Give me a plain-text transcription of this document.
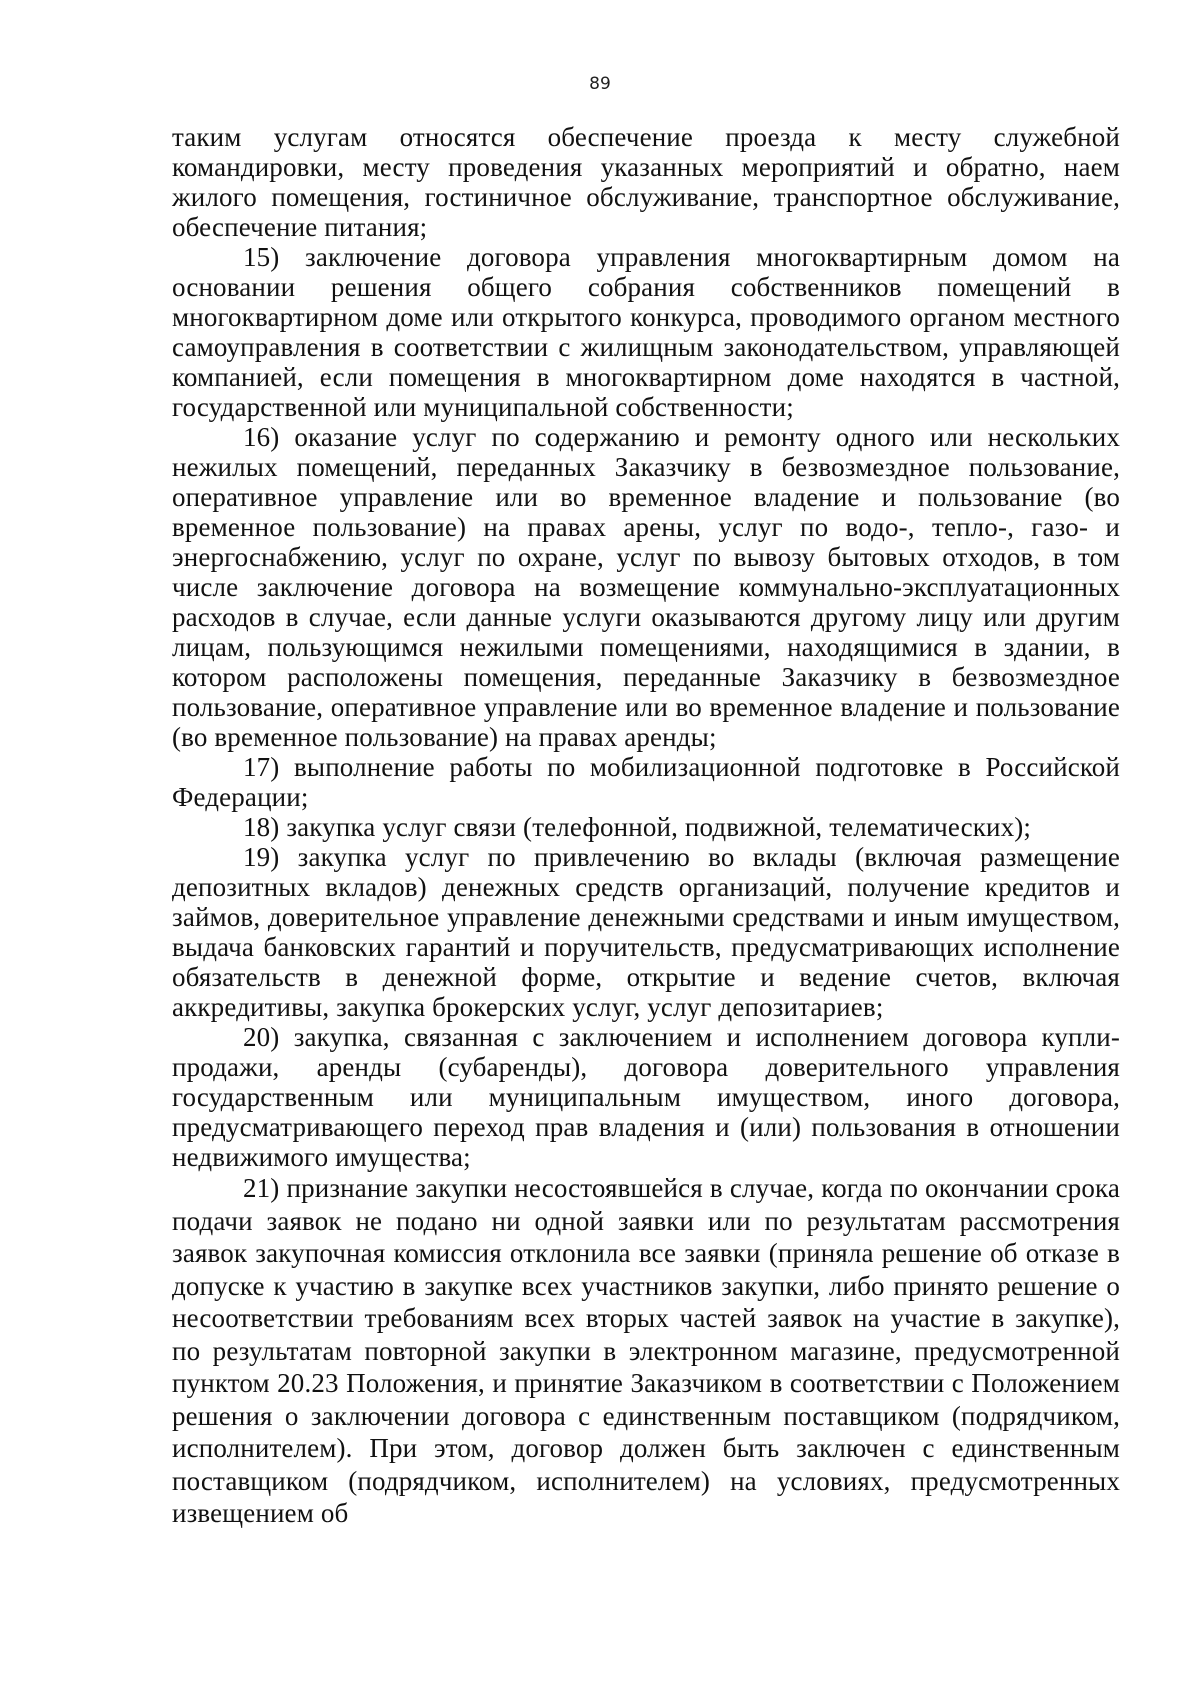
89

таким услугам относятся обеспечение проезда к месту служебной командировки, месту проведения указанных мероприятий и обратно, наем жилого помещения, гостиничное обслуживание, транспортное обслуживание, обеспечение питания;

15) заключение договора управления многоквартирным домом на основании решения общего собрания собственников помещений в многоквартирном доме или открытого конкурса, проводимого органом местного самоуправления в соответствии с жилищным законодательством, управляющей компанией, если помещения в многоквартирном доме находятся в частной, государственной или муниципальной собственности;

16) оказание услуг по содержанию и ремонту одного или нескольких нежилых помещений, переданных Заказчику в безвозмездное пользование, оперативное управление или во временное владение и пользование (во временное пользование) на правах арены, услуг по водо-, тепло-, газо- и энергоснабжению, услуг по охране, услуг по вывозу бытовых отходов, в том числе заключение договора на возмещение коммунально-эксплуатационных расходов в случае, если данные услуги оказываются другому лицу или другим лицам, пользующимся нежилыми помещениями, находящимися в здании, в котором расположены помещения, переданные Заказчику в безвозмездное пользование, оперативное управление или во временное владение и пользование (во временное пользование) на правах аренды;

17) выполнение работы по мобилизационной подготовке в Российской Федерации;

18) закупка услуг связи (телефонной, подвижной, телематических);

19) закупка услуг по привлечению во вклады (включая размещение депозитных вкладов) денежных средств организаций, получение кредитов и займов, доверительное управление денежными средствами и иным имуществом, выдача банковских гарантий и поручительств, предусматривающих исполнение обязательств в денежной форме, открытие и ведение счетов, включая аккредитивы, закупка брокерских услуг, услуг депозитариев;

20) закупка, связанная с заключением и исполнением договора купли-продажи, аренды (субаренды), договора доверительного управления государственным или муниципальным имуществом, иного договора, предусматривающего переход прав владения и (или) пользования в отношении недвижимого имущества;

21) признание закупки несостоявшейся в случае, когда по окончании срока подачи заявок не подано ни одной заявки или по результатам рассмотрения заявок закупочная комиссия отклонила все заявки (приняла решение об отказе в допуске к участию в закупке всех участников закупки, либо принято решение о несоответствии требованиям всех вторых частей заявок на участие в закупке), по результатам повторной закупки в электронном магазине, предусмотренной пунктом 20.23 Положения, и принятие Заказчиком в соответствии с Положением решения о заключении договора с единственным поставщиком (подрядчиком, исполнителем). При этом, договор должен быть заключен с единственным поставщиком (подрядчиком, исполнителем) на условиях, предусмотренных извещением об
